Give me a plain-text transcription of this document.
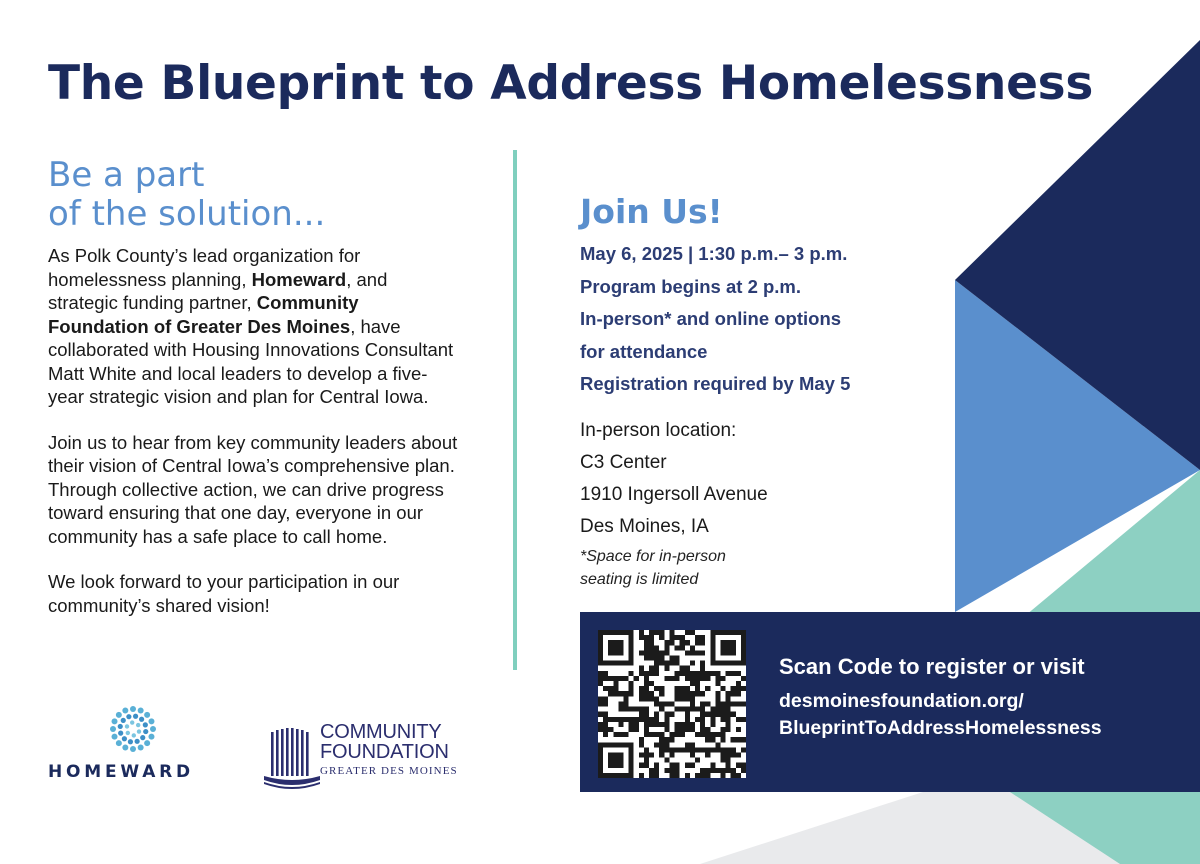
The Blueprint to Address Homelessness
Be a part
of the solution...

As Polk County’s lead organization for homelessness planning, Homeward, and strategic funding partner, Community Foundation of Greater Des Moines, have collaborated with Housing Innovations Consultant Matt White and local leaders to develop a five-year strategic vision and plan for Central Iowa.

Join us to hear from key community leaders about their vision of Central Iowa’s comprehensive plan. Through collective action, we can drive progress toward ensuring that one day, everyone in our community has a safe place to call home.

We look forward to your participation in our community’s shared vision!

Join Us!
May 6, 2025 | 1:30 p.m.– 3 p.m.
Program begins at 2 p.m.
In-person* and online options
for attendance
Registration required by May 5
In-person location:
C3 Center
1910 Ingersoll Avenue
Des Moines, IA
*Space for in-person
seating is limited
Scan Code to register or visit
desmoinesfoundation.org/
BlueprintToAddressHomelessness
HOMEWARD
COMMUNITY
FOUNDATION
GREATER DES MOINES
